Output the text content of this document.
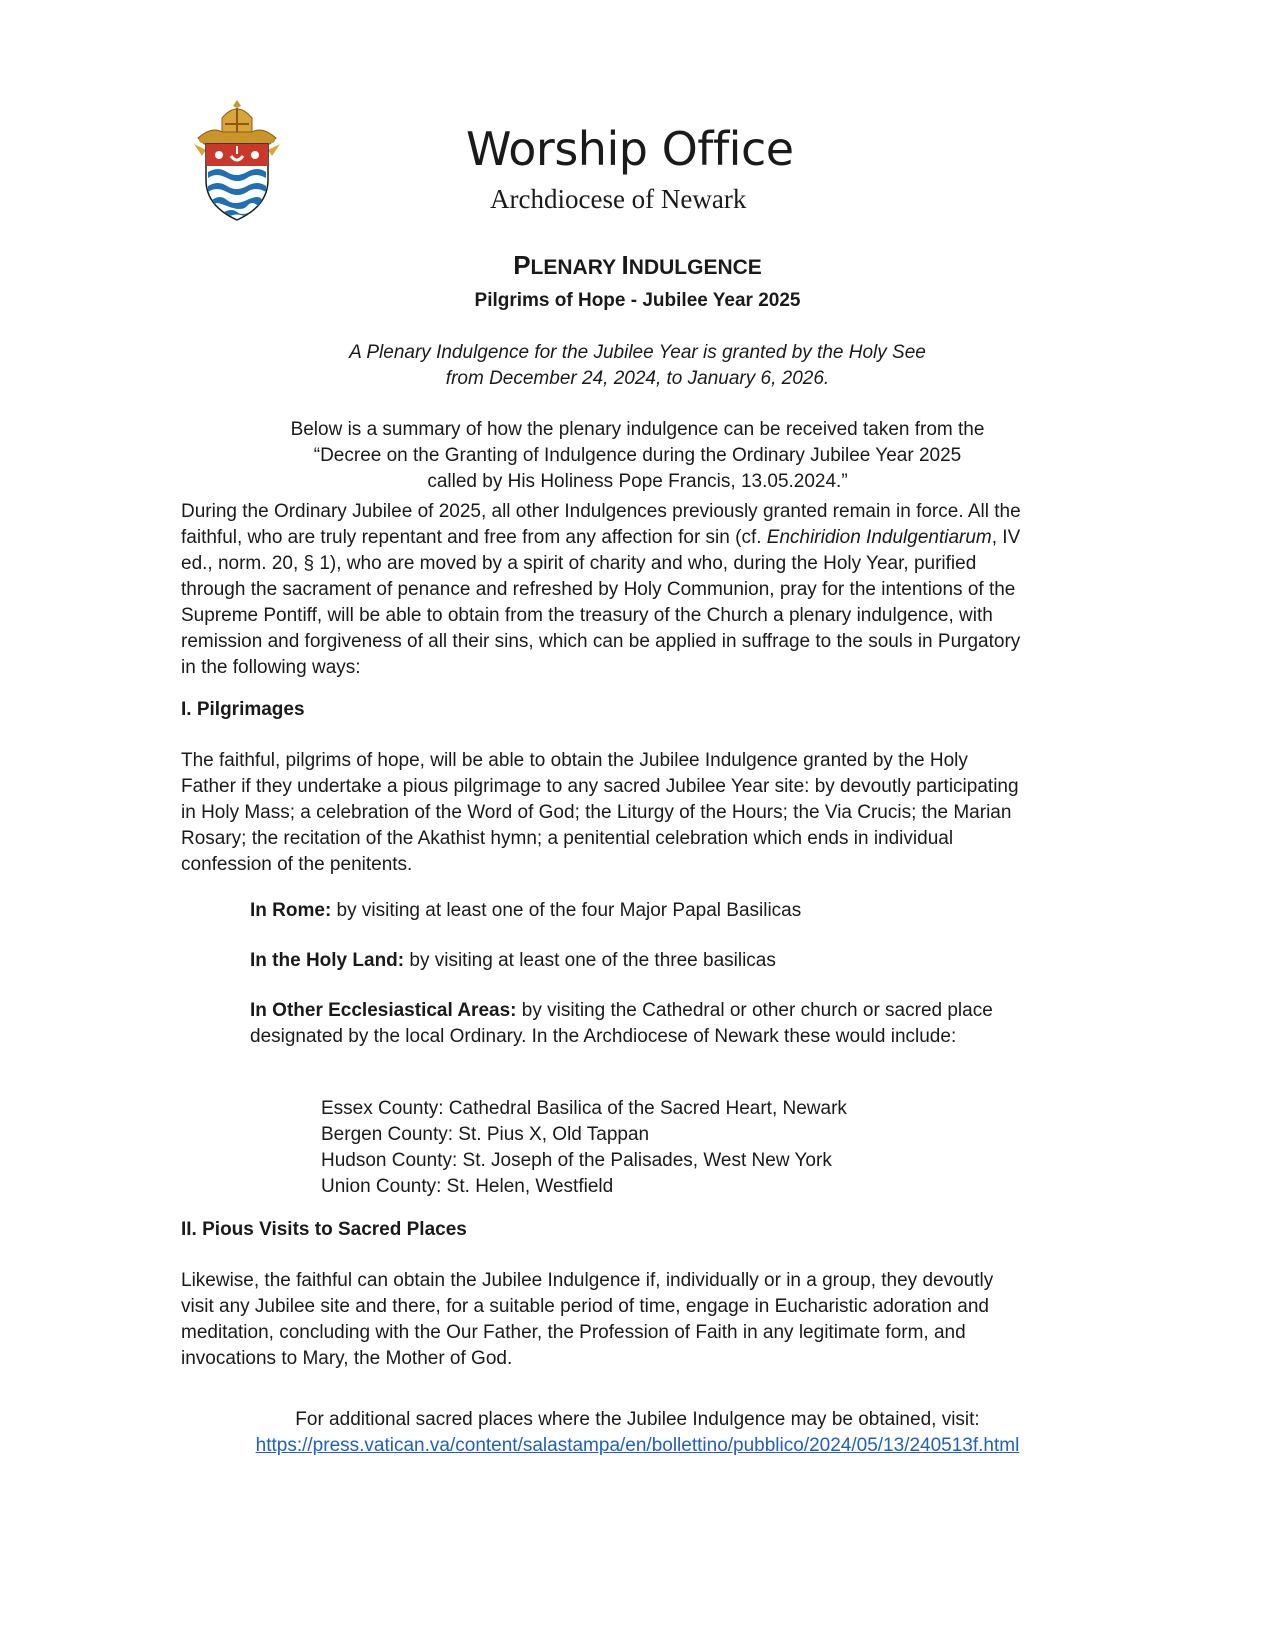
Worship Office
Archdiocese of Newark
PLENARY INDULGENCE
Pilgrims of Hope - Jubilee Year 2025
A Plenary Indulgence for the Jubilee Year is granted by the Holy See
from December 24, 2024, to January 6, 2026.
Below is a summary of how the plenary indulgence can be received taken from the
“Decree on the Granting of Indulgence during the Ordinary Jubilee Year 2025
called by His Holiness Pope Francis, 13.05.2024.”
During the Ordinary Jubilee of 2025, all other Indulgences previously granted remain in force. All the
faithful, who are truly repentant and free from any affection for sin (cf. Enchiridion Indulgentiarum, IV
ed., norm. 20, § 1), who are moved by a spirit of charity and who, during the Holy Year, purified
through the sacrament of penance and refreshed by Holy Communion, pray for the intentions of the
Supreme Pontiff, will be able to obtain from the treasury of the Church a plenary indulgence, with
remission and forgiveness of all their sins, which can be applied in suffrage to the souls in Purgatory
in the following ways:
I. Pilgrimages
The faithful, pilgrims of hope, will be able to obtain the Jubilee Indulgence granted by the Holy
Father if they undertake a pious pilgrimage to any sacred Jubilee Year site: by devoutly participating
in Holy Mass; a celebration of the Word of God; the Liturgy of the Hours; the Via Crucis; the Marian
Rosary; the recitation of the Akathist hymn; a penitential celebration which ends in individual
confession of the penitents.
In Rome: by visiting at least one of the four Major Papal Basilicas
In the Holy Land: by visiting at least one of the three basilicas
In Other Ecclesiastical Areas: by visiting the Cathedral or other church or sacred place
designated by the local Ordinary. In the Archdiocese of Newark these would include:
Essex County: Cathedral Basilica of the Sacred Heart, Newark
Bergen County: St. Pius X, Old Tappan
Hudson County: St. Joseph of the Palisades, West New York
Union County: St. Helen, Westfield
II. Pious Visits to Sacred Places
Likewise, the faithful can obtain the Jubilee Indulgence if, individually or in a group, they devoutly
visit any Jubilee site and there, for a suitable period of time, engage in Eucharistic adoration and
meditation, concluding with the Our Father, the Profession of Faith in any legitimate form, and
invocations to Mary, the Mother of God.
For additional sacred places where the Jubilee Indulgence may be obtained, visit:
https://press.vatican.va/content/salastampa/en/bollettino/pubblico/2024/05/13/240513f.html
